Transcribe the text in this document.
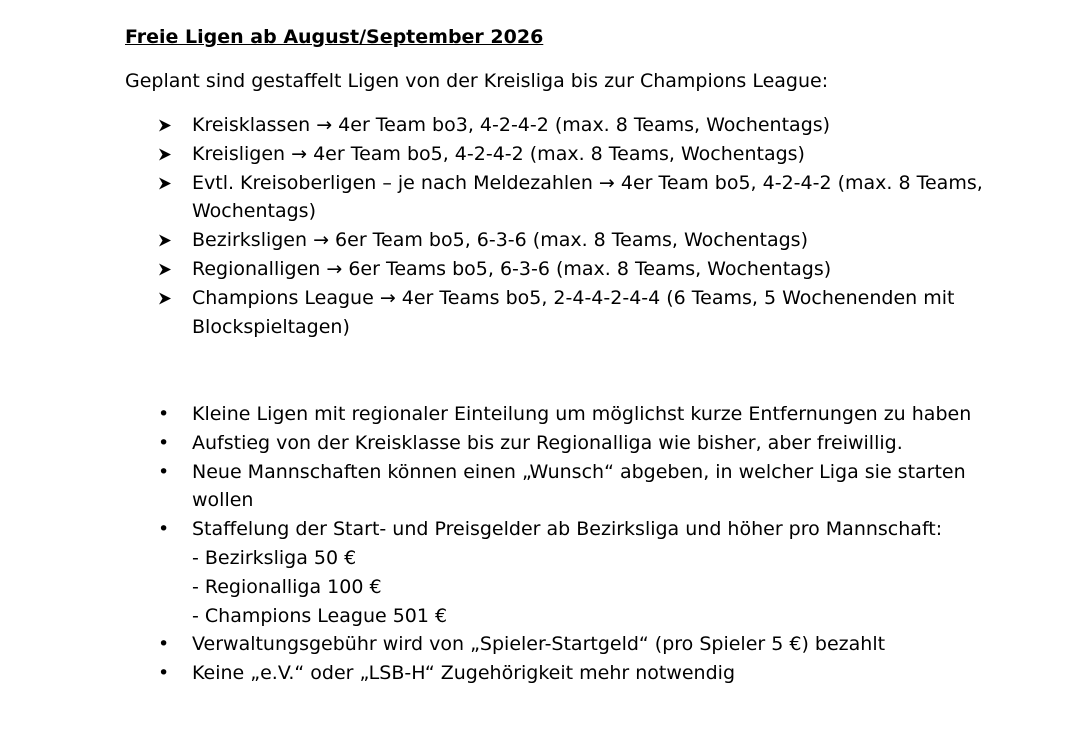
Freie Ligen ab August/September 2026

Geplant sind gestaffelt Ligen von der Kreisliga bis zur Champions League:

Kreisklassen → 4er Team bo3, 4-2-4-2 (max. 8 Teams, Wochentags)
Kreisligen → 4er Team bo5, 4-2-4-2 (max. 8 Teams, Wochentags)
Evtl. Kreisoberligen – je nach Meldezahlen → 4er Team bo5, 4-2-4-2 (max. 8 Teams, Wochentags)
Bezirksligen → 6er Team bo5, 6-3-6 (max. 8 Teams, Wochentags)
Regionalligen → 6er Teams bo5, 6-3-6 (max. 8 Teams, Wochentags)
Champions League → 4er Teams bo5, 2-4-4-2-4-4 (6 Teams, 5 Wochenenden mit Blockspieltagen)
•	Kleine Ligen mit regionaler Einteilung um möglichst kurze Entfernungen zu haben
•	Aufstieg von der Kreisklasse bis zur Regionalliga wie bisher, aber freiwillig.
•	Neue Mannschaften können einen „Wunsch“ abgeben, in welcher Liga sie starten wollen
•	Staffelung der Start- und Preisgelder ab Bezirksliga und höher pro Mannschaft:
- Bezirksliga 50 €
- Regionalliga 100 €
- Champions League 501 €
•	Verwaltungsgebühr wird von „Spieler-Startgeld“ (pro Spieler 5 €) bezahlt
•	Keine „e.V.“ oder „LSB-H“ Zugehörigkeit mehr notwendig
